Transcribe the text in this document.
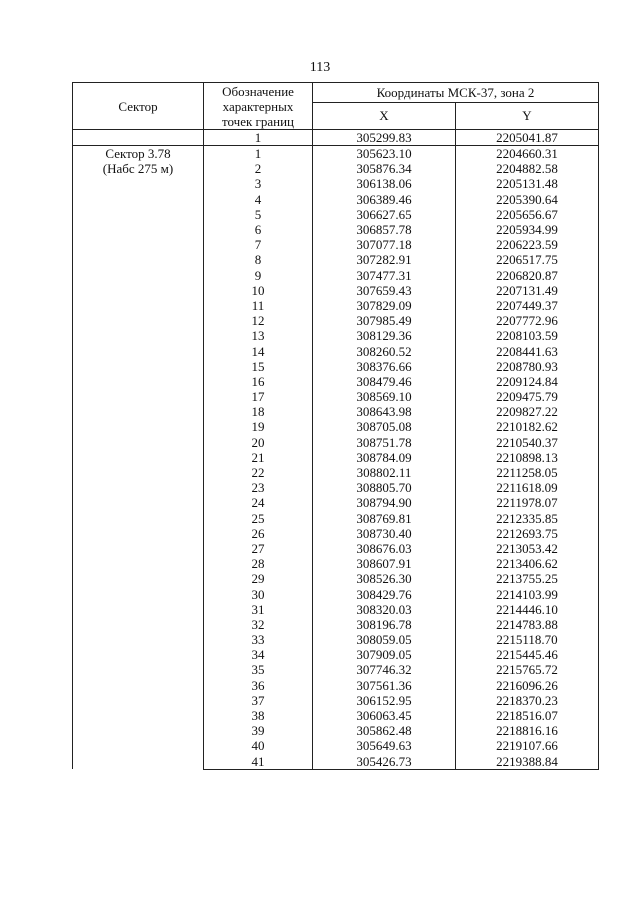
113
Сектор	Обозначение
характерных
точек границ	Координаты МСК-37, зона 2	
		X	Y
	1	305299.83	2205041.87

Сектор 3.78
(Набс 275 м)	1	305623.10	2204660.31
	2	305876.34	2204882.58
	3	306138.06	2205131.48
	4	306389.46	2205390.64
	5	306627.65	2205656.67
	6	306857.78	2205934.99
	7	307077.18	2206223.59
	8	307282.91	2206517.75
	9	307477.31	2206820.87
	10	307659.43	2207131.49
	11	307829.09	2207449.37
	12	307985.49	2207772.96
	13	308129.36	2208103.59
	14	308260.52	2208441.63
	15	308376.66	2208780.93
	16	308479.46	2209124.84
	17	308569.10	2209475.79
	18	308643.98	2209827.22
	19	308705.08	2210182.62
	20	308751.78	2210540.37
	21	308784.09	2210898.13
	22	308802.11	2211258.05
	23	308805.70	2211618.09
	24	308794.90	2211978.07
	25	308769.81	2212335.85
	26	308730.40	2212693.75
	27	308676.03	2213053.42
	28	308607.91	2213406.62
	29	308526.30	2213755.25
	30	308429.76	2214103.99
	31	308320.03	2214446.10
	32	308196.78	2214783.88
	33	308059.05	2215118.70
	34	307909.05	2215445.46
	35	307746.32	2215765.72
	36	307561.36	2216096.26
	37	306152.95	2218370.23
	38	306063.45	2218516.07
	39	305862.48	2218816.16
	40	305649.63	2219107.66
	41	305426.73	2219388.84
